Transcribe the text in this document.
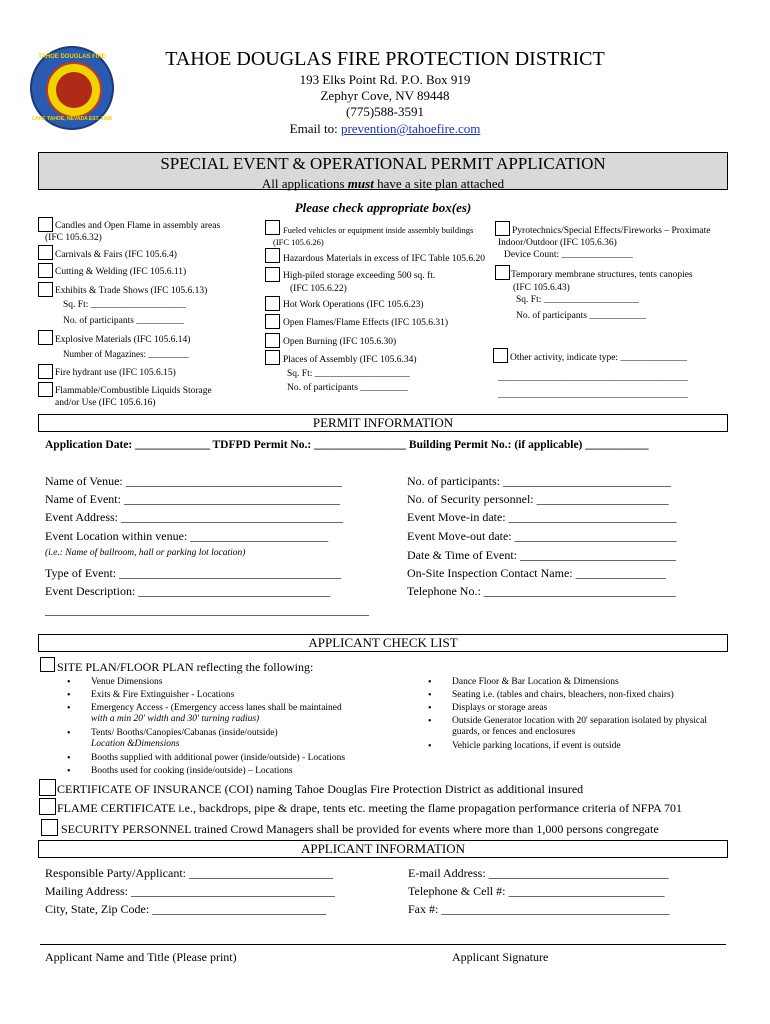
TAHOE DOUGLAS FIRE
LAKE TAHOE, NEVADA EST. 1988
TAHOE DOUGLAS FIRE PROTECTION DISTRICT
193 Elks Point Rd. P.O. Box 919
Zephyr Cove, NV 89448
(775)588-3591
Email to: prevention@tahoefire.com
SPECIAL EVENT & OPERATIONAL PERMIT APPLICATION
All applications must have a site plan attached
Please check appropriate box(es)
Candles and Open Flame in assembly areas
(IFC 105.6.32)
Carnivals & Fairs (IFC 105.6.4)
Cutting & Welding (IFC 105.6.11)
Exhibits & Trade Shows (IFC 105.6.13)
Sq. Ft: ____________________
No. of participants __________
Explosive Materials (IFC 105.6.14)
Number of Magazines: _________
Fire hydrant use (IFC 105.6.15)
Flammable/Combustible Liquids Storage
and/or Use (IFC 105.6.16)
Fueled vehicles or equipment inside assembly buildings
(IFC 105.6.26)
Hazardous Materials in excess of IFC Table 105.6.20
High-piled storage exceeding 500 sq. ft.
(IFC 105.6.22)
Hot Work Operations (IFC 105.6.23)
Open Flames/Flame Effects (IFC 105.6.31)
Open Burning (IFC 105.6.30)
Places of Assembly (IFC 105.6.34)
Sq. Ft: ____________________
No. of participants __________
Pyrotechnics/Special Effects/Fireworks – Proximate
Indoor/Outdoor (IFC 105.6.36)
Device Count: _______________
Temporary membrane structures, tents canopies
(IFC 105.6.43)
Sq. Ft: ____________________
No. of participants ____________
Other activity, indicate type: ______________
________________________________________
________________________________________
PERMIT INFORMATION
Application Date: _____________ TDFPD Permit No.: ________________ Building Permit No.: (if applicable) ___________
Name of Venue: ____________________________________
Name of Event: ____________________________________
Event Address: _____________________________________
Event Location within venue: _______________________
(i.e.: Name of ballroom, hall or parking lot location)
Type of Event: _____________________________________
Event Description: ________________________________
______________________________________________________
No. of participants: ____________________________
No. of Security personnel: ______________________
Event Move-in date: ____________________________
Event Move-out date: ___________________________
Date & Time of Event: __________________________
On-Site Inspection Contact Name: _______________
Telephone No.: ________________________________
APPLICANT CHECK LIST
SITE PLAN/FLOOR PLAN reflecting the following:
• Venue Dimensions
• Exits & Fire Extinguisher - Locations
• Emergency Access - (Emergency access lanes shall be maintained
with a min 20' width and 30' turning radius)
• Tents/ Booths/Canopies/Cabanas (inside/outside)
Location &Dimensions
• Booths supplied with additional power (inside/outside) - Locations
• Booths used for cooking (inside/outside) – Locations
• Dance Floor & Bar Location & Dimensions
• Seating i.e. (tables and chairs, bleachers, non-fixed chairs)
• Displays or storage areas
• Outside Generator location with 20' separation isolated by physical
guards, or fences and enclosures
• Vehicle parking locations, if event is outside
CERTIFICATE OF INSURANCE (COI) naming Tahoe Douglas Fire Protection District as additional insured
FLAME CERTIFICATE i.e., backdrops, pipe & drape, tents etc. meeting the flame propagation performance criteria of NFPA 701
SECURITY PERSONNEL trained Crowd Managers shall be provided for events where more than 1,000 persons congregate
APPLICANT INFORMATION
Responsible Party/Applicant: ________________________
Mailing Address: __________________________________
City, State, Zip Code: _____________________________
E-mail Address: ______________________________
Telephone & Cell #: __________________________
Fax #: ______________________________________
Applicant Name and Title (Please print)	Applicant Signature
